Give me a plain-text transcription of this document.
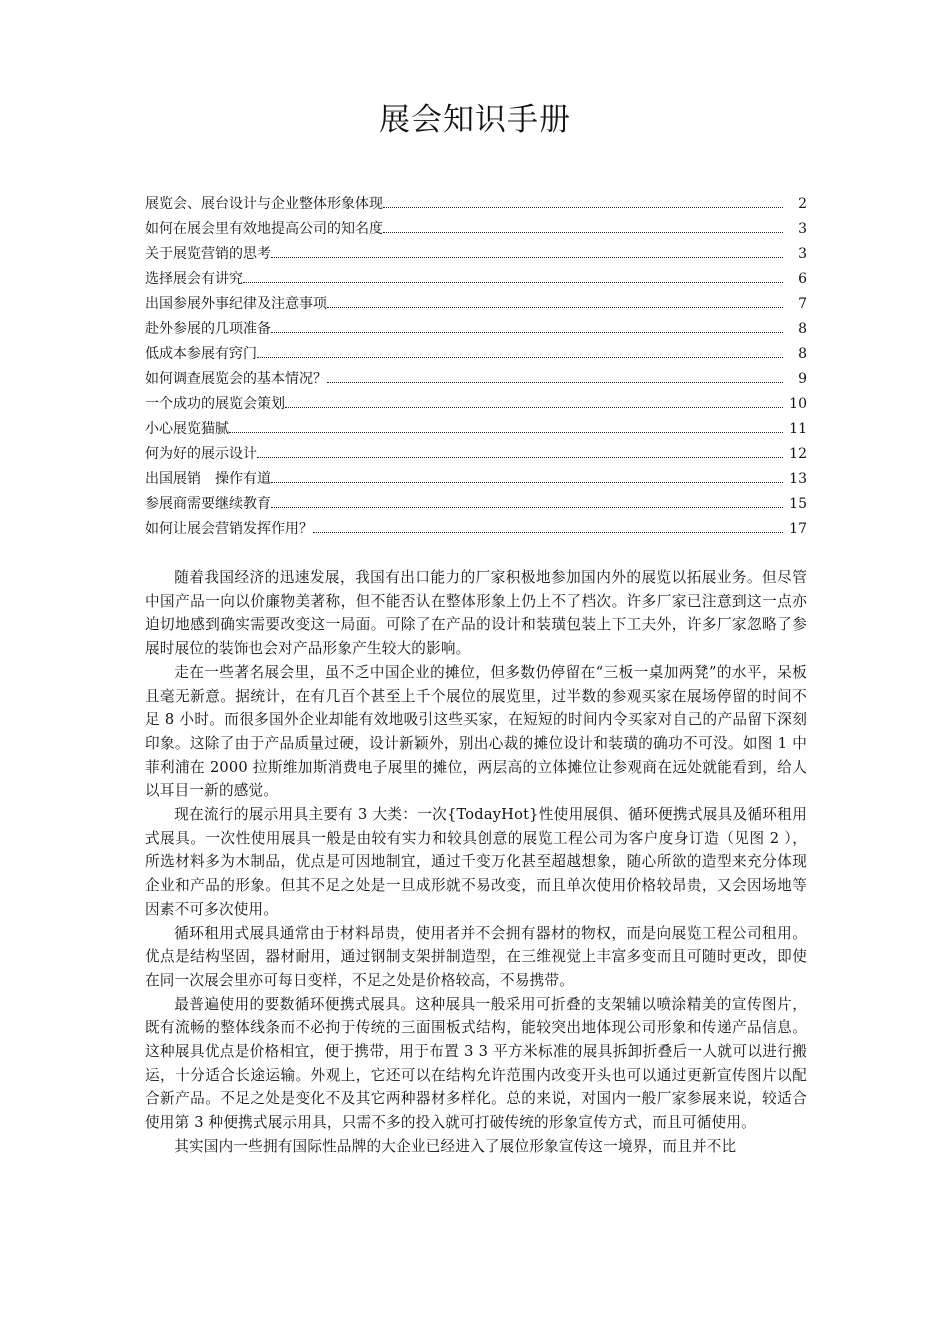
展会知识手册
展览会、展台设计与企业整体形象体现	2
如何在展会里有效地提高公司的知名度	3
关于展览营销的思考	3
选择展会有讲究	6
出国参展外事纪律及注意事项	7
赴外参展的几项准备	8
低成本参展有窍门	8
如何调查展览会的基本情况？	9
一个成功的展览会策划	10
小心展览猫腻	11
何为好的展示设计	12
出国展销　操作有道	13
参展商需要继续教育	15
如何让展会营销发挥作用？	17

随着我国经济的迅速发展，我国有出口能力的厂家积极地参加国内外的展览以拓展业务。但尽管中国产品一向以价廉物美著称，但不能否认在整体形象上仍上不了档次。许多厂家已注意到这一点亦迫切地感到确实需要改变这一局面。可除了在产品的设计和装璜包装上下工夫外，许多厂家忽略了参展时展位的装饰也会对产品形象产生较大的影响。

走在一些著名展会里，虽不乏中国企业的摊位，但多数仍停留在“三板一桌加两凳”的水平，呆板且毫无新意。据统计，在有几百个甚至上千个展位的展览里，过半数的参观买家在展场停留的时间不足 8 小时。而很多国外企业却能有效地吸引这些买家，在短短的时间内令买家对自己的产品留下深刻印象。这除了由于产品质量过硬，设计新颖外，别出心裁的摊位设计和装璜的确功不可没。如图 1 中菲利浦在 2000 拉斯维加斯消费电子展里的摊位，两层高的立体摊位让参观商在远处就能看到，给人以耳目一新的感觉。

现在流行的展示用具主要有 3 大类：一次{TodayHot}性使用展俱、循环便携式展具及循环租用式展具。一次性使用展具一般是由较有实力和较具创意的展览工程公司为客户度身订造（见图 2 ），所选材料多为木制品，优点是可因地制宜，通过千变万化甚至超越想象，随心所欲的造型来充分体现企业和产品的形象。但其不足之处是一旦成形就不易改变，而且单次使用价格较昂贵，又会因场地等因素不可多次使用。

循环租用式展具通常由于材料昂贵，使用者并不会拥有器材的物权，而是向展览工程公司租用。优点是结构坚固，器材耐用，通过钢制支架拼制造型，在三维视觉上丰富多变而且可随时更改，即使在同一次展会里亦可每日变样，不足之处是价格较高，不易携带。

最普遍使用的要数循环便携式展具。这种展具一般采用可折叠的支架辅以喷涂精美的宣传图片，既有流畅的整体线条而不必拘于传统的三面围板式结构，能较突出地体现公司形象和传递产品信息。这种展具优点是价格相宜，便于携带，用于布置 3 3 平方米标准的展具拆卸折叠后一人就可以进行搬运，十分适合长途运输。外观上，它还可以在结构允许范围内改变开头也可以通过更新宣传图片以配合新产品。不足之处是变化不及其它两种器材多样化。总的来说，对国内一般厂家参展来说，较适合使用第 3 种便携式展示用具，只需不多的投入就可打破传统的形象宣传方式，而且可循使用。

其实国内一些拥有国际性品牌的大企业已经进入了展位形象宣传这一境界，而且并不比
